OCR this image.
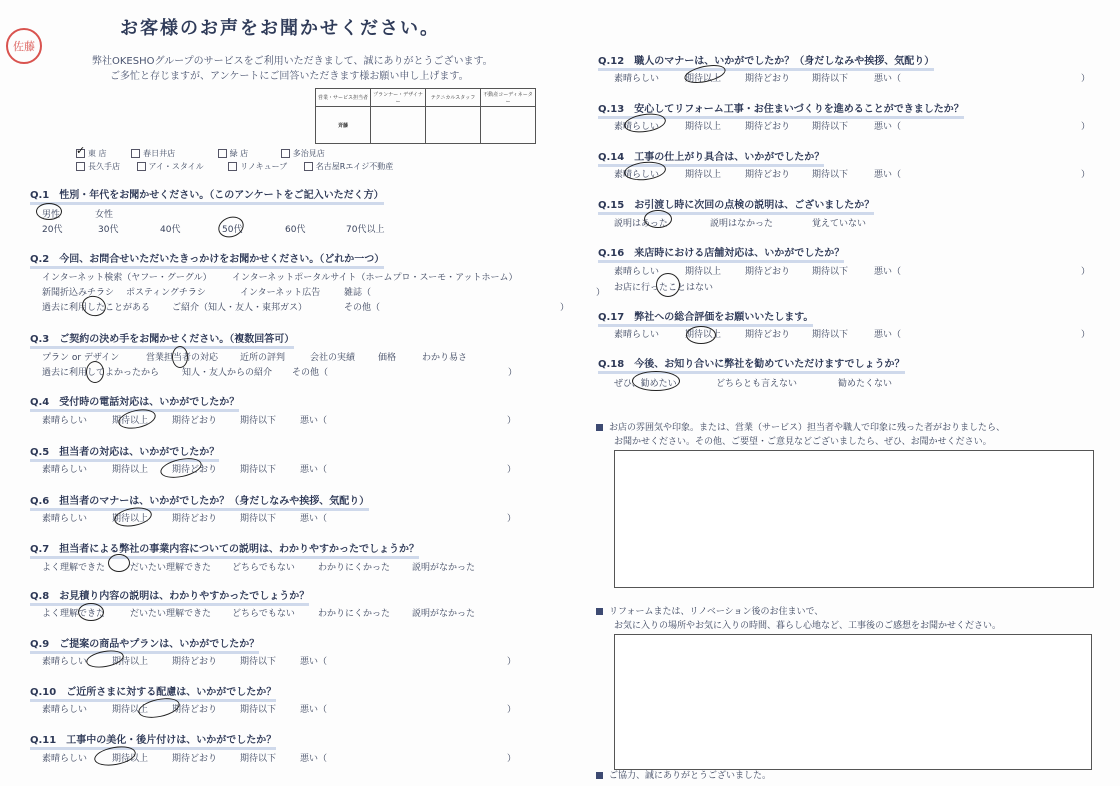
佐藤
お客様のお声をお聞かせください。
弊社OKESHOグループのサービスをご利用いただきまして、誠にありがとうございます。
ご多忙と存じますが、アンケートにご回答いただきます様お願い申し上げます。
営業・サービス担当者	プランナー・デザイナー	テクニカルスタッフ	不動産コーディネーター
斉藤			
✓ 東 店	春日井店	緑 店	多治見店
長久手店	アイ・スタイル	リノキューブ	名古屋Rエイジ不動産
Q.1　性別・年代をお聞かせください。（このアンケートをご記入いただく方）
男性	女性
20代	30代	40代	50代	60代	70代以上
Q.2　今回、お問合せいただいたきっかけをお聞かせください。（どれか一つ）
インターネット検索（ヤフー・グーグル） インターネットポータルサイト（ホームプロ・スーモ・アットホーム）
新聞折込みチラシ ポスティングチラシ	インターネット広告	雑誌（　　　　　　　　　　　　　　　　　　　　　　　　　）
過去に利用したことがある ご紹介（知人・友人・東邦ガス）	その他（　　　　　　　　　　　　　　　　　　　　）
Q.3　ご契約の決め手をお聞かせください。（複数回答可）
プラン or デザイン	営業担当者の対応 近所の評判	会社の実績	価格	わかり易さ
過去に利用してよかったから	知人・友人からの紹介 その他（　　　　　　　　　　　　　　　　　　　　）
Q.4　受付時の電話対応は、いかがでしたか？
Q.5　担当者の対応は、いかがでしたか？
Q.6　担当者のマナーは、いかがでしたか？（身だしなみや挨拶、気配り）
Q.7　担当者による弊社の事業内容についての説明は、わかりやすかったでしょうか？
Q.8　お見積り内容の説明は、わかりやすかったでしょうか？
Q.9　ご提案の商品やプランは、いかがでしたか？
Q.10　ご近所さまに対する配慮は、いかがでしたか？
Q.11　工事中の美化・後片付けは、いかがでしたか？
素晴らしい	期待以上	期待どおり	期待以下	悪い（　　　　　　　　　　　　　　　　　　　　）
素晴らしい	期待以上	期待どおり	期待以下	悪い（　　　　　　　　　　　　　　　　　　　　）
素晴らしい	期待以上	期待どおり	期待以下	悪い（　　　　　　　　　　　　　　　　　　　　）
よく理解できた	だいたい理解できた どちらでもない	わかりにくかった 説明がなかった
よく理解できた	だいたい理解できた どちらでもない	わかりにくかった 説明がなかった
素晴らしい	期待以上	期待どおり	期待以下	悪い（　　　　　　　　　　　　　　　　　　　　）
素晴らしい	期待以上	期待どおり	期待以下	悪い（　　　　　　　　　　　　　　　　　　　　）
素晴らしい	期待以上	期待どおり	期待以下	悪い（　　　　　　　　　　　　　　　　　　　　）
Q.12　職人のマナーは、いかがでしたか？（身だしなみや挨拶、気配り）
Q.13　安心してリフォーム工事・お住まいづくりを進めることができましたか？
Q.14　工事の仕上がり具合は、いかがでしたか？
Q.15　お引渡し時に次回の点検の説明は、ございましたか？
説明はあった	説明はなかった	覚えていない
Q.16　来店時における店舗対応は、いかがでしたか？
お店に行ったことはない
Q.17　弊社への総合評価をお願いいたします。
Q.18　今後、お知り合いに弊社を勧めていただけますでしょうか？
ぜひ、勧めたい	どちらとも言えない	勧めたくない
素晴らしい	期待以上	期待どおり 期待以下	悪い（　　　　　　　　　　　　　　　　　　　　）
素晴らしい	期待以上	期待どおり 期待以下	悪い（　　　　　　　　　　　　　　　　　　　　）
素晴らしい	期待以上	期待どおり 期待以下	悪い（　　　　　　　　　　　　　　　　　　　　）
素晴らしい	期待以上	期待どおり 期待以下	悪い（　　　　　　　　　　　　　　　　　　　　）
素晴らしい	期待以上	期待どおり 期待以下	悪い（　　　　　　　　　　　　　　　　　　　　）
お店の雰囲気や印象。または、営業（サービス）担当者や職人で印象に残った者がおりましたら、
お聞かせください。その他、ご要望・ご意見などございましたら、ぜひ、お聞かせください。
リフォームまたは、リノベーション後のお住まいで、
お気に入りの場所やお気に入りの時間、暮らし心地など、工事後のご感想をお聞かせください。
ご協力、誠にありがとうございました。
